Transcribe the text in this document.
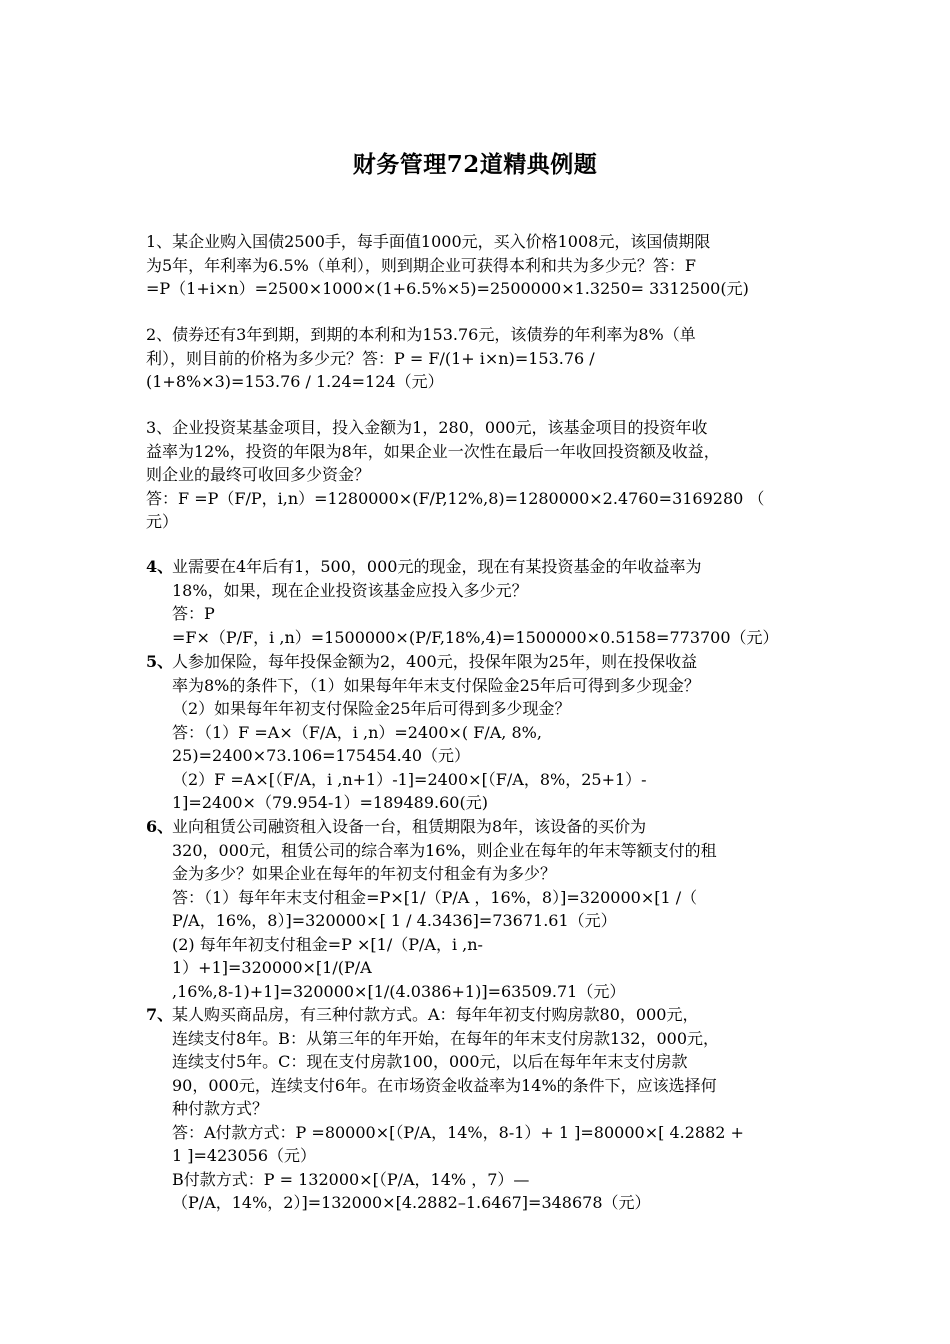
财务管理72道精典例题
1、某企业购入国债2500手，每手面值1000元，买入价格1008元，该国债期限
为5年，年利率为6.5%（单利），则到期企业可获得本利和共为多少元？答：F
=P（1+i×n）=2500×1000×(1+6.5%×5)=2500000×1.3250= 3312500(元)
2、债券还有3年到期，到期的本利和为153.76元，该债券的年利率为8%（单
利），则目前的价格为多少元？答：P = F/(1+ i×n)=153.76 /
(1+8%×3)=153.76 / 1.24=124（元）
3、企业投资某基金项目，投入金额为1，280，000元，该基金项目的投资年收
益率为12%，投资的年限为8年，如果企业一次性在最后一年收回投资额及收益，
则企业的最终可收回多少资金？
答：F =P（F/P，i,n）=1280000×(F/P,12%,8)=1280000×2.4760=3169280 （
元）
4、
业需要在4年后有1，500，000元的现金，现在有某投资基金的年收益率为
18%，如果，现在企业投资该基金应投入多少元？
答：P
=F×（P/F，i ,n）=1500000×(P/F,18%,4)=1500000×0.5158=773700（元）
5、
人参加保险，每年投保金额为2，400元，投保年限为25年，则在投保收益
率为8%的条件下，（1）如果每年年末支付保险金25年后可得到多少现金？
（2）如果每年年初支付保险金25年后可得到多少现金？
答：（1）F =A×（F/A，i ,n）=2400×( F/A, 8%,
25)=2400×73.106=175454.40（元）
（2）F =A×[（F/A，i ,n+1）-1]=2400×[（F/A，8%，25+1）-
1]=2400×（79.954-1）=189489.60(元)
6、
业向租赁公司融资租入设备一台，租赁期限为8年，该设备的买价为
320，000元，租赁公司的综合率为16%，则企业在每年的年末等额支付的租
金为多少？如果企业在每年的年初支付租金有为多少？
答：（1）每年年末支付租金=P×[1/（P/A ，16%，8）]=320000×[1 /（
P/A，16%，8）]=320000×[ 1 / 4.3436]=73671.61（元）
(2) 每年年初支付租金=P ×[1/（P/A，i ,n-
1）+1]=320000×[1/(P/A
,16%,8-1)+1]=320000×[1/(4.0386+1)]=63509.71（元）
7、
某人购买商品房，有三种付款方式。A：每年年初支付购房款80，000元，
连续支付8年。B：从第三年的年开始，在每年的年末支付房款132，000元，
连续支付5年。C：现在支付房款100，000元，以后在每年年末支付房款
90，000元，连续支付6年。在市场资金收益率为14%的条件下，应该选择何
种付款方式？
答：A付款方式：P =80000×[（P/A，14%，8-1）+ 1 ]=80000×[ 4.2882 +
1 ]=423056（元）
B付款方式：P = 132000×[（P/A，14% ，7）—
（P/A，14%，2）]=132000×[4.2882–1.6467]=348678（元）
